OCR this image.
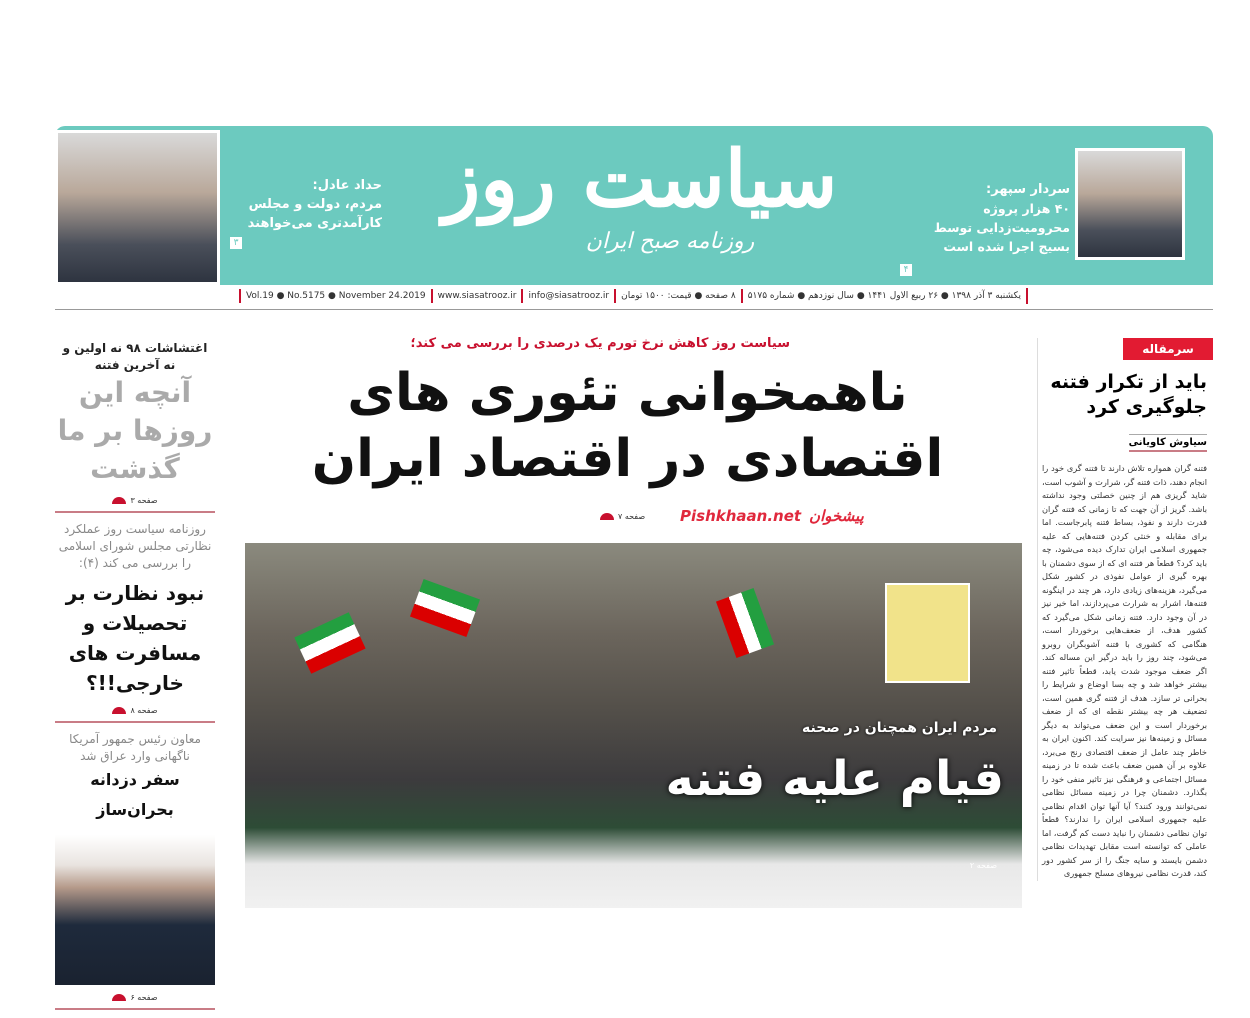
سردار سپهر:
۴۰ هزار پروژه محرومیت‌زدایی توسط بسیج اجرا شده است
۴
حداد عادل:
مردم، دولت و مجلس کارآمدتری می‌خواهند
۳
سیاست روز
روزنامه صبح ایران
یکشنبه ۳ آذر ۱۳۹۸ ● ۲۶ ربیع الاول ۱۴۴۱ ● سال نوزدهم ● شماره ۵۱۷۵
۸ صفحه ● قیمت: ۱۵۰۰ تومان
info@siasatrooz.ir
www.siasatrooz.ir
Vol.19 ● No.5175 ● November 24.2019
اغتشاشات ۹۸ نه اولین و نه آخرین فتنه
آنچه این روزها بر ما گذشت
صفحه ۳
روزنامه سیاست روز عملکرد نظارتی مجلس شورای اسلامی را بررسی می کند (۴):
نبود نظارت بر تحصیلات و مسافرت های خارجی!!؟
صفحه ۸
معاون رئیس جمهور آمریکا ناگهانی وارد عراق شد
سفر دزدانه بحران‌ساز
صفحه ۶
سیاست روز کاهش نرخ تورم یک درصدی را بررسی می کند؛
ناهمخوانی تئوری های اقتصادی در اقتصاد ایران
Pishkhaan.net پیشخوان
صفحه ۷
مردم ایران همچنان در صحنه
قیام علیه فتنه
صفحه ۲
سرمقاله
باید از تکرار فتنه جلوگیری کرد
سیاوش کاویانی
فتنه گران همواره تلاش دارند تا فتنه گری خود را انجام دهند، ذات فتنه گر، شرارت و آشوب است، شاید گریزی هم از چنین خصلتی وجود نداشته باشد. گریز از آن جهت که تا زمانی که فتنه گران قدرت دارند و نفوذ، بساط فتنه پابرجاست. اما برای مقابله و خنثی کردن فتنه‌هایی که علیه جمهوری اسلامی ایران تدارک دیده می‌شود، چه باید کرد؟ قطعاً هر فتنه ای که از سوی دشمنان با بهره گیری از عوامل نفوذی در کشور شکل می‌گیرد، هزینه‌های زیادی دارد، هر چند در اینگونه فتنه‌ها، اشرار به شرارت می‌پردازند، اما خیر نیز در آن وجود دارد. فتنه زمانی شکل می‌گیرد که کشور هدف، از ضعف‌هایی برخوردار است، هنگامی که کشوری با فتنه آشوبگران روبرو می‌شود، چند روز را باید درگیر این مساله کند. اگر ضعف موجود شدت یابد، قطعاً تاثیر فتنه بیشتر خواهد شد و چه بسا اوضاع و شرایط را بحرانی تر سازد. هدف از فتنه گری همین است، تضعیف هر چه بیشتر نقطه ای که از ضعف برخوردار است و این ضعف می‌تواند به دیگر مسائل و زمینه‌ها نیز سرایت کند. اکنون ایران به خاطر چند عامل از ضعف اقتصادی رنج می‌برد، علاوه بر آن همین ضعف باعث شده تا در زمینه مسائل اجتماعی و فرهنگی نیز تاثیر منفی خود را بگذارد. دشمنان چرا در زمینه مسائل نظامی نمی‌توانند ورود کنند؟ آیا آنها توان اقدام نظامی علیه جمهوری اسلامی ایران را ندارند؟ قطعاً توان نظامی دشمنان را نباید دست کم گرفت، اما عاملی که توانسته است مقابل تهدیدات نظامی دشمن بایستد و سایه جنگ را از سر کشور دور کند، قدرت نظامی نیروهای مسلح جمهوری
